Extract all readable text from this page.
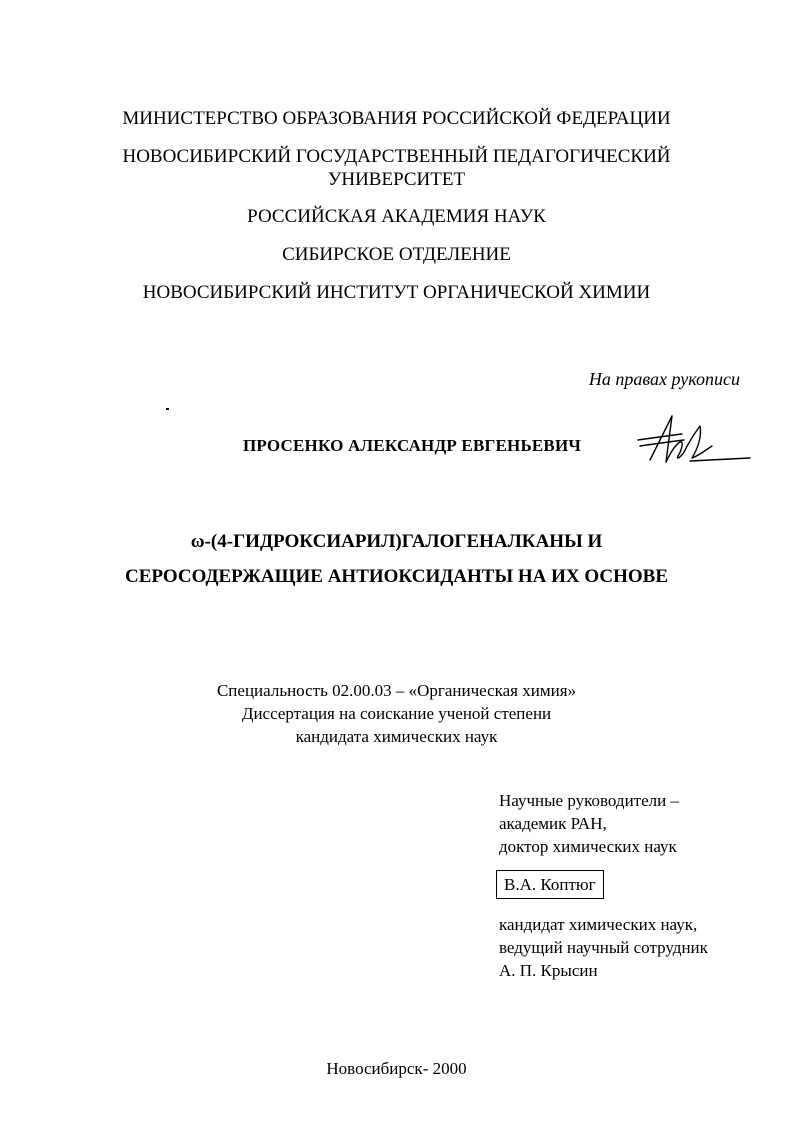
МИНИСТЕРСТВО ОБРАЗОВАНИЯ РОССИЙСКОЙ ФЕДЕРАЦИИ
НОВОСИБИРСКИЙ ГОСУДАРСТВЕННЫЙ ПЕДАГОГИЧЕСКИЙ
УНИВЕРСИТЕТ
РОССИЙСКАЯ АКАДЕМИЯ НАУК
СИБИРСКОЕ ОТДЕЛЕНИЕ
НОВОСИБИРСКИЙ ИНСТИТУТ ОРГАНИЧЕСКОЙ ХИМИИ
На правах рукописи
ПРОСЕНКО АЛЕКСАНДР ЕВГЕНЬЕВИЧ
ω-(4-ГИДРОКСИАРИЛ)ГАЛОГЕНАЛКАНЫ И
СЕРОСОДЕРЖАЩИЕ АНТИОКСИДАНТЫ НА ИХ ОСНОВЕ
Специальность 02.00.03 – «Органическая химия»
Диссертация на соискание ученой степени
кандидата химических наук
Научные руководители –
академик РАН,
доктор химических наук
В.А. Коптюг
кандидат химических наук,
ведущий научный сотрудник
А. П. Крысин
Новосибирск- 2000
